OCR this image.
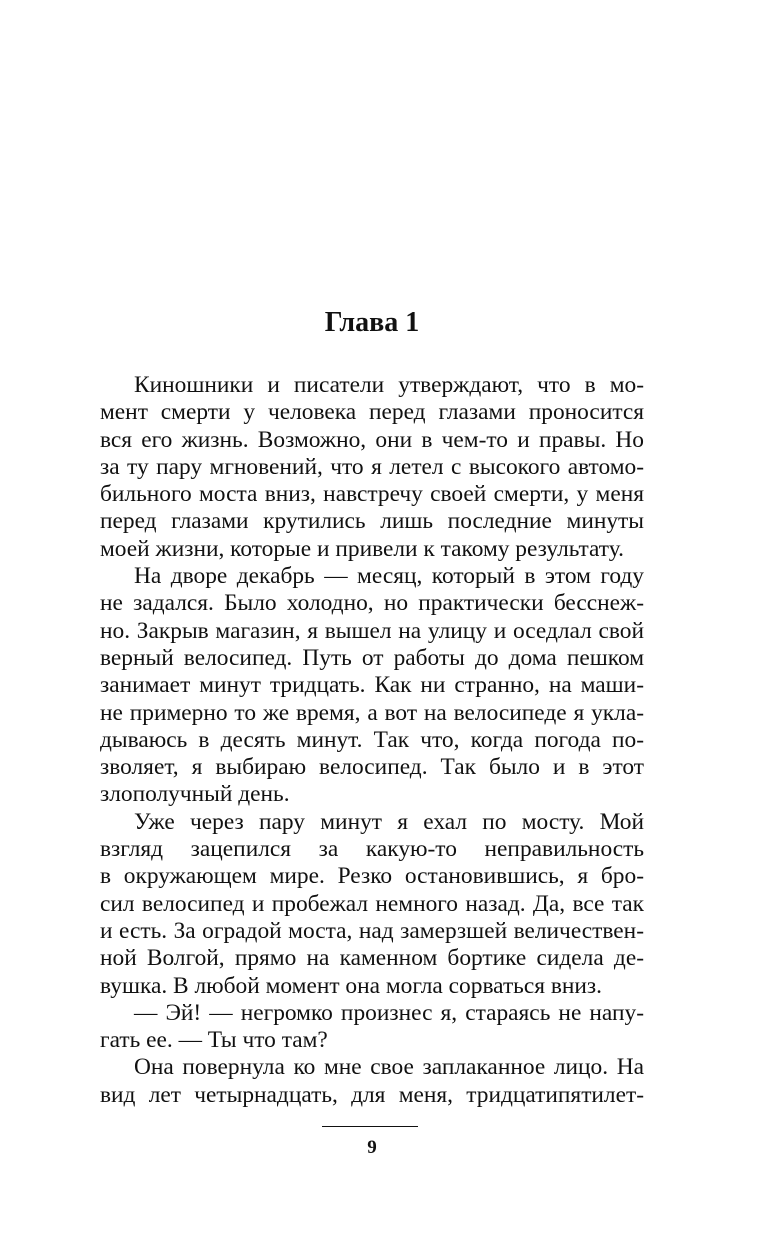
Глава 1

Киношники и писатели утверждают, что в мо-
мент смерти у человека перед глазами проносится
вся его жизнь. Возможно, они в чем-то и правы. Но
за ту пару мгновений, что я летел с высокого автомо-
бильного моста вниз, навстречу своей смерти, у меня
перед глазами крутились лишь последние минуты
моей жизни, которые и привели к такому результату.

На дворе декабрь — месяц, который в этом году
не задался. Было холодно, но практически бесснеж-
но. Закрыв магазин, я вышел на улицу и оседлал свой
верный велосипед. Путь от работы до дома пешком
занимает минут тридцать. Как ни странно, на маши-
не примерно то же время, а вот на велосипеде я укла-
дываюсь в десять минут. Так что, когда погода по-
зволяет, я выбираю велосипед. Так было и в этот
злополучный день.

Уже через пару минут я ехал по мосту. Мой
взгляд зацепился за какую-то неправильность
в окружающем мире. Резко остановившись, я бро-
сил велосипед и пробежал немного назад. Да, все так
и есть. За оградой моста, над замерзшей величествен-
ной Волгой, прямо на каменном бортике сидела де-
вушка. В любой момент она могла сорваться вниз.

— Эй! — негромко произнес я, стараясь не напу-
гать ее. — Ты что там?

Она повернула ко мне свое заплаканное лицо. На
вид лет четырнадцать, для меня, тридцатипятилет-

9
